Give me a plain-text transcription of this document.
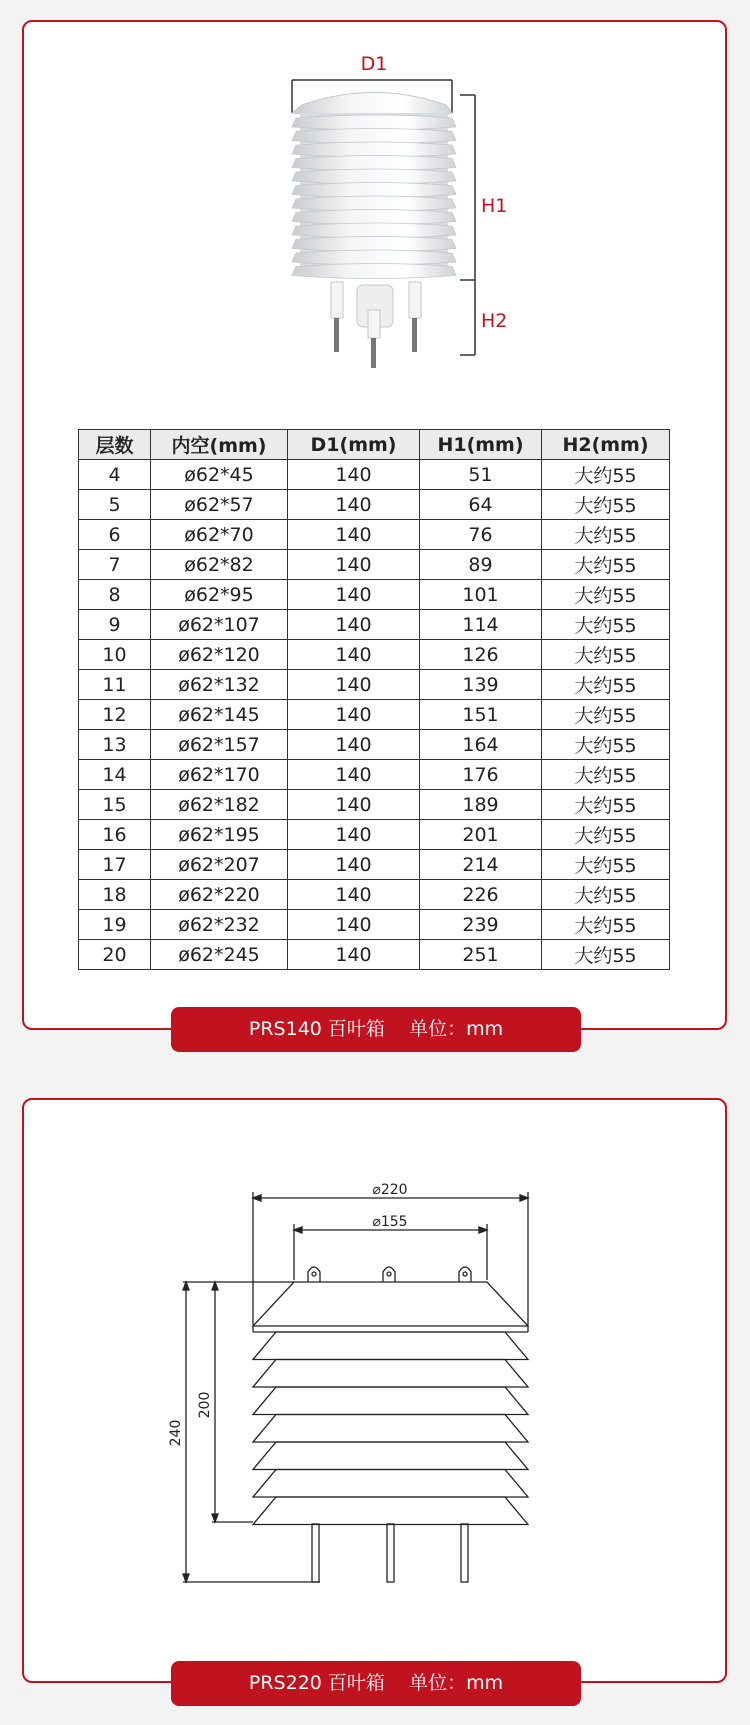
D1
H1
H2
层数	内空(mm)	D1(mm)	H1(mm)	H2(mm)
4	ø62*45	140	51	大约55
5	ø62*57	140	64	大约55
6	ø62*70	140	76	大约55
7	ø62*82	140	89	大约55
8	ø62*95	140	101	大约55
9	ø62*107	140	114	大约55
10	ø62*120	140	126	大约55
11	ø62*132	140	139	大约55
12	ø62*145	140	151	大约55
13	ø62*157	140	164	大约55
14	ø62*170	140	176	大约55
15	ø62*182	140	189	大约55
16	ø62*195	140	201	大约55
17	ø62*207	140	214	大约55
18	ø62*220	140	226	大约55
19	ø62*232	140	239	大约55
20	ø62*245	140	251	大约55
PRS140 百叶箱    单位：mm
⌀220
⌀155
240
200
PRS220 百叶箱    单位：mm
